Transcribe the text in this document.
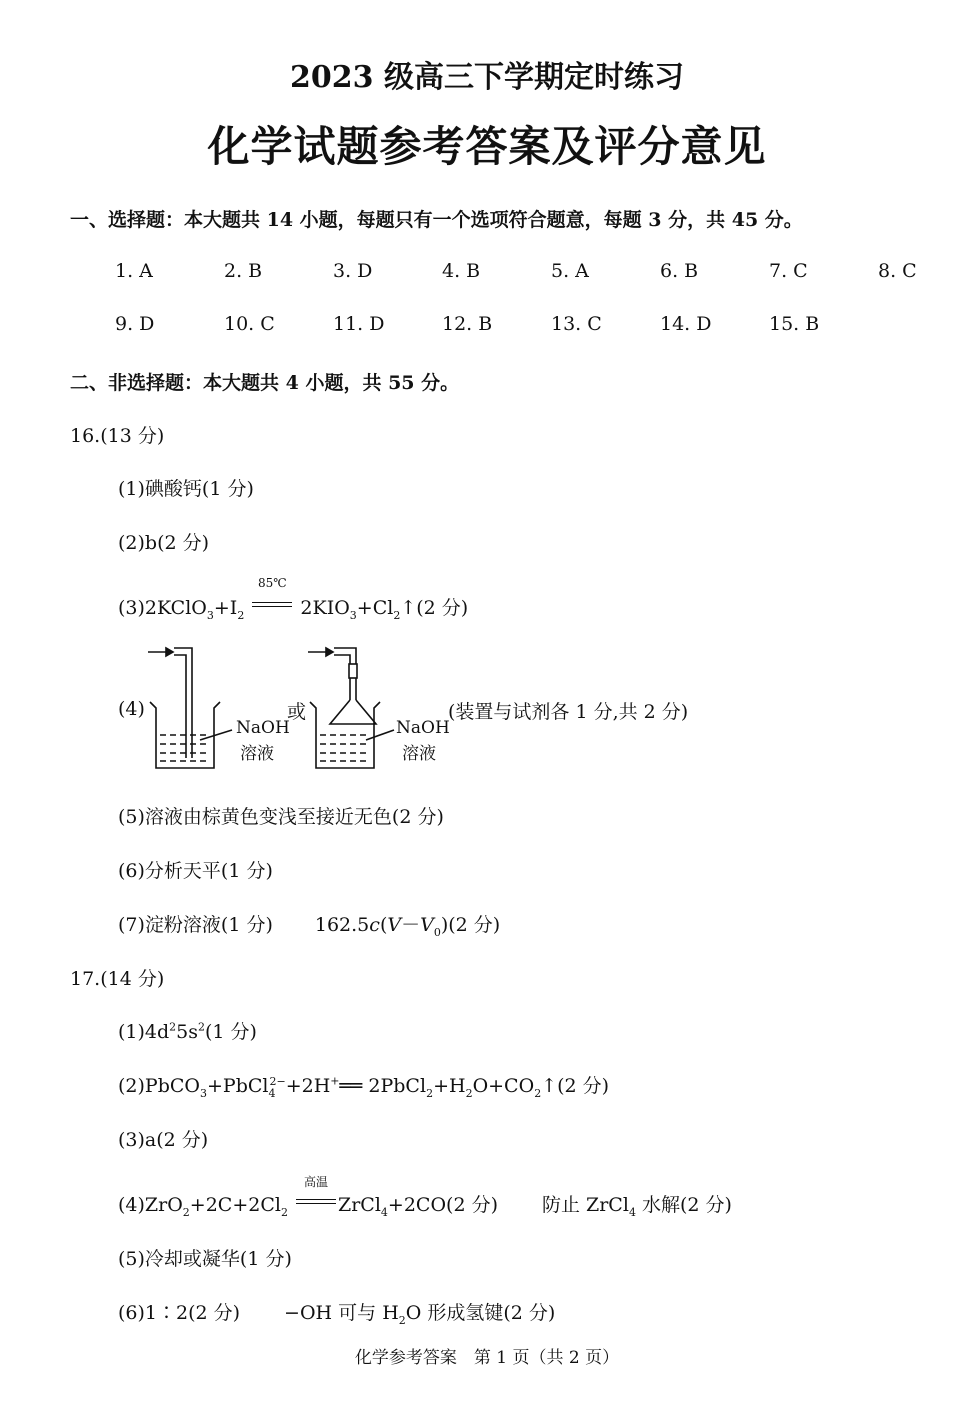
2023 级高三下学期定时练习
化学试题参考答案及评分意见
一、选择题：本大题共 14 小题，每题只有一个选项符合题意，每题 3 分，共 45 分。
1. A	2. B	3. D	4. B	5. A	6. B	7. C	8. C
9. D	10. C	11. D	12. B	13. C	14. D	15. B
二、非选择题：本大题共 4 小题，共 55 分。
16.(13 分)
(1)碘酸钙(1 分)
(2)b(2 分)
$(3)2KClO_3+I_2$
85℃
$2KIO_3+Cl_2↑(2$ 分)
(4)
NaOH
溶液
或
NaOH
溶液
(装置与试剂各 1 分,共 2 分)
(5)溶液由棕黄色变浅至接近无色(2 分)
(6)分析天平(1 分)
(7)淀粉溶液(1 分) $162.5c(V-V_0)(2$ 分)
17.(14 分)
$(1)4d^25s^2(1$ 分)
(2)PbCO$_3$+PbCl$_4^{2-}$+2H+══ $2PbCl_2+H_2O+CO_2↑(2$ 分)
(3)a(2 分)
$(4)ZrO_2+2C+2Cl_2$
高温
ZrCl$_4$+2CO(2 分) 防止 ZrCl$_4$ 水解(2 分)
(5)冷却或凝华(1 分)
(6)1∶2(2 分) −OH 可与 $H_2O$ 形成氢键(2 分)
化学参考答案　第 1 页（共 2 页）
